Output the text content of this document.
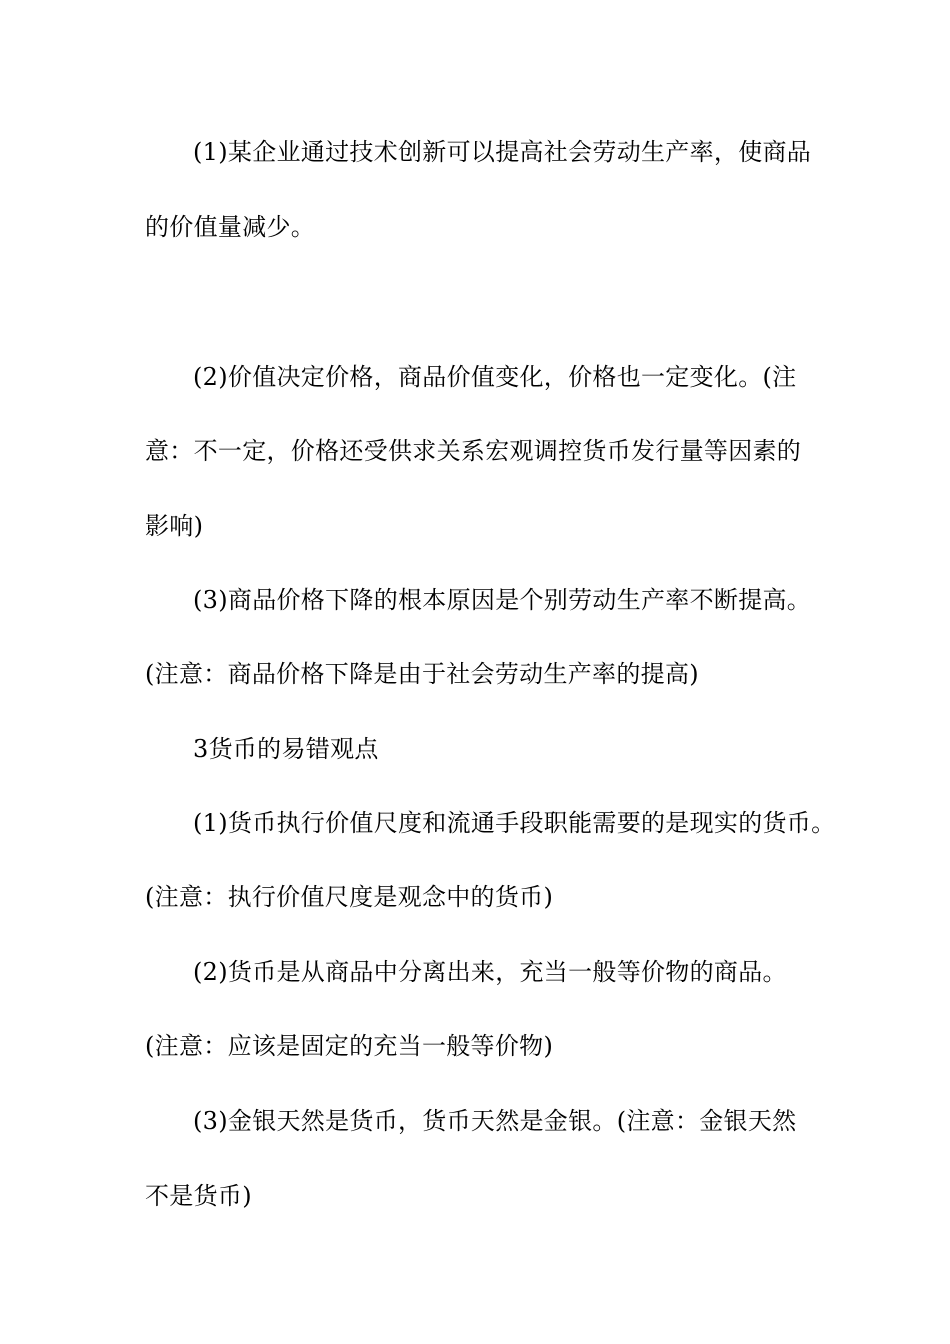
(1)某企业通过技术创新可以提高社会劳动生产率，使商品
的价值量减少。
(2)价值决定价格，商品价值变化，价格也一定变化。(注
意：不一定，价格还受供求关系宏观调控货币发行量等因素的
影响)
(3)商品价格下降的根本原因是个别劳动生产率不断提高。
(注意：商品价格下降是由于社会劳动生产率的提高)
3货币的易错观点
(1)货币执行价值尺度和流通手段职能需要的是现实的货币。
(注意：执行价值尺度是观念中的货币)
(2)货币是从商品中分离出来，充当一般等价物的商品。
(注意：应该是固定的充当一般等价物)
(3)金银天然是货币，货币天然是金银。(注意：金银天然
不是货币)
